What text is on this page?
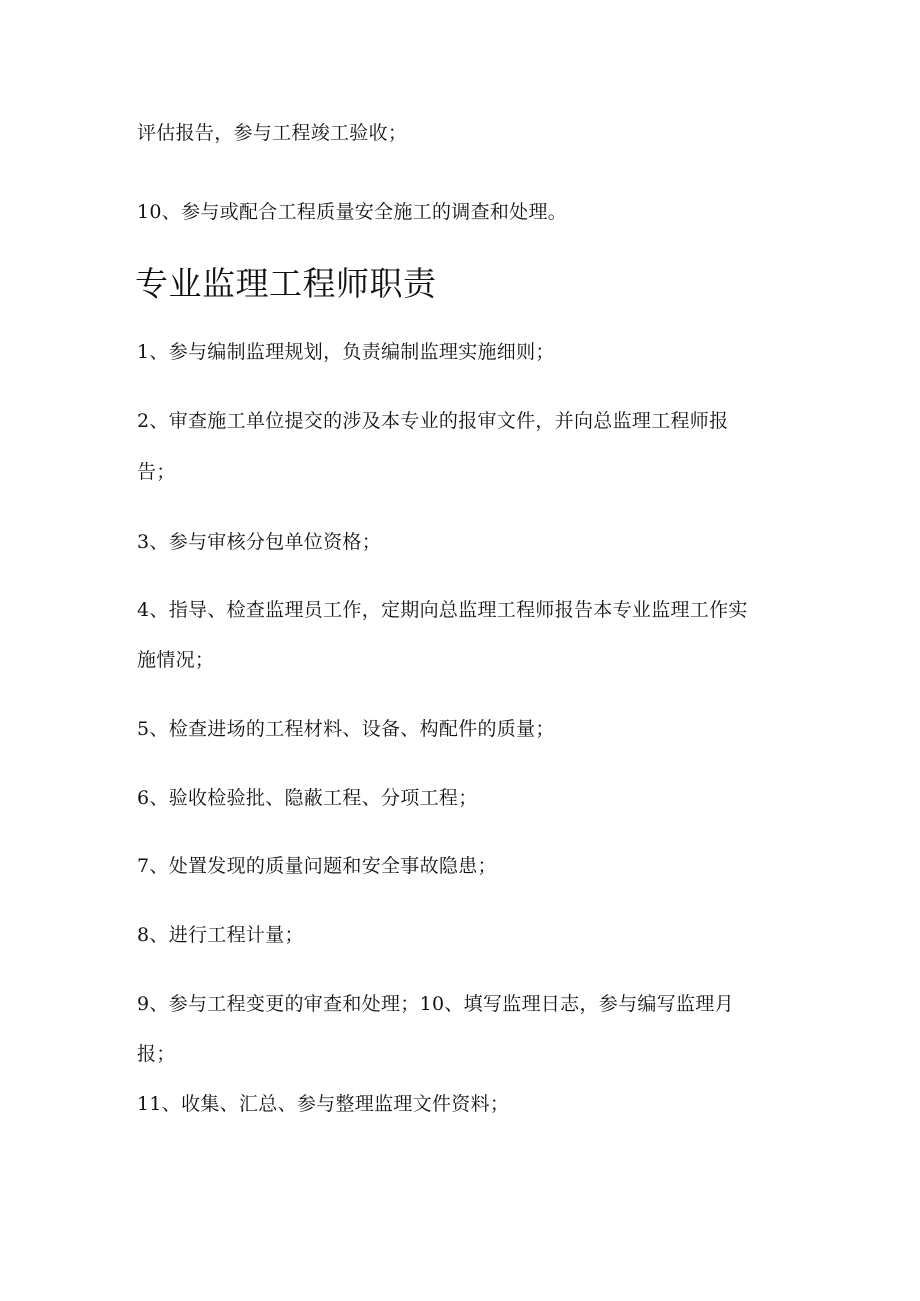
评估报告，参与工程竣工验收；
10、参与或配合工程质量安全施工的调查和处理。
专业监理工程师职责
1、参与编制监理规划，负责编制监理实施细则；
2、审查施工单位提交的涉及本专业的报审文件，并向总监理工程师报
告；
3、参与审核分包单位资格；
4、指导、检查监理员工作，定期向总监理工程师报告本专业监理工作实
施情况；
5、检查进场的工程材料、设备、构配件的质量；
6、验收检验批、隐蔽工程、分项工程；
7、处置发现的质量问题和安全事故隐患；
8、进行工程计量；
9、参与工程变更的审查和处理；10、填写监理日志，参与编写监理月
报；
11、收集、汇总、参与整理监理文件资料；
